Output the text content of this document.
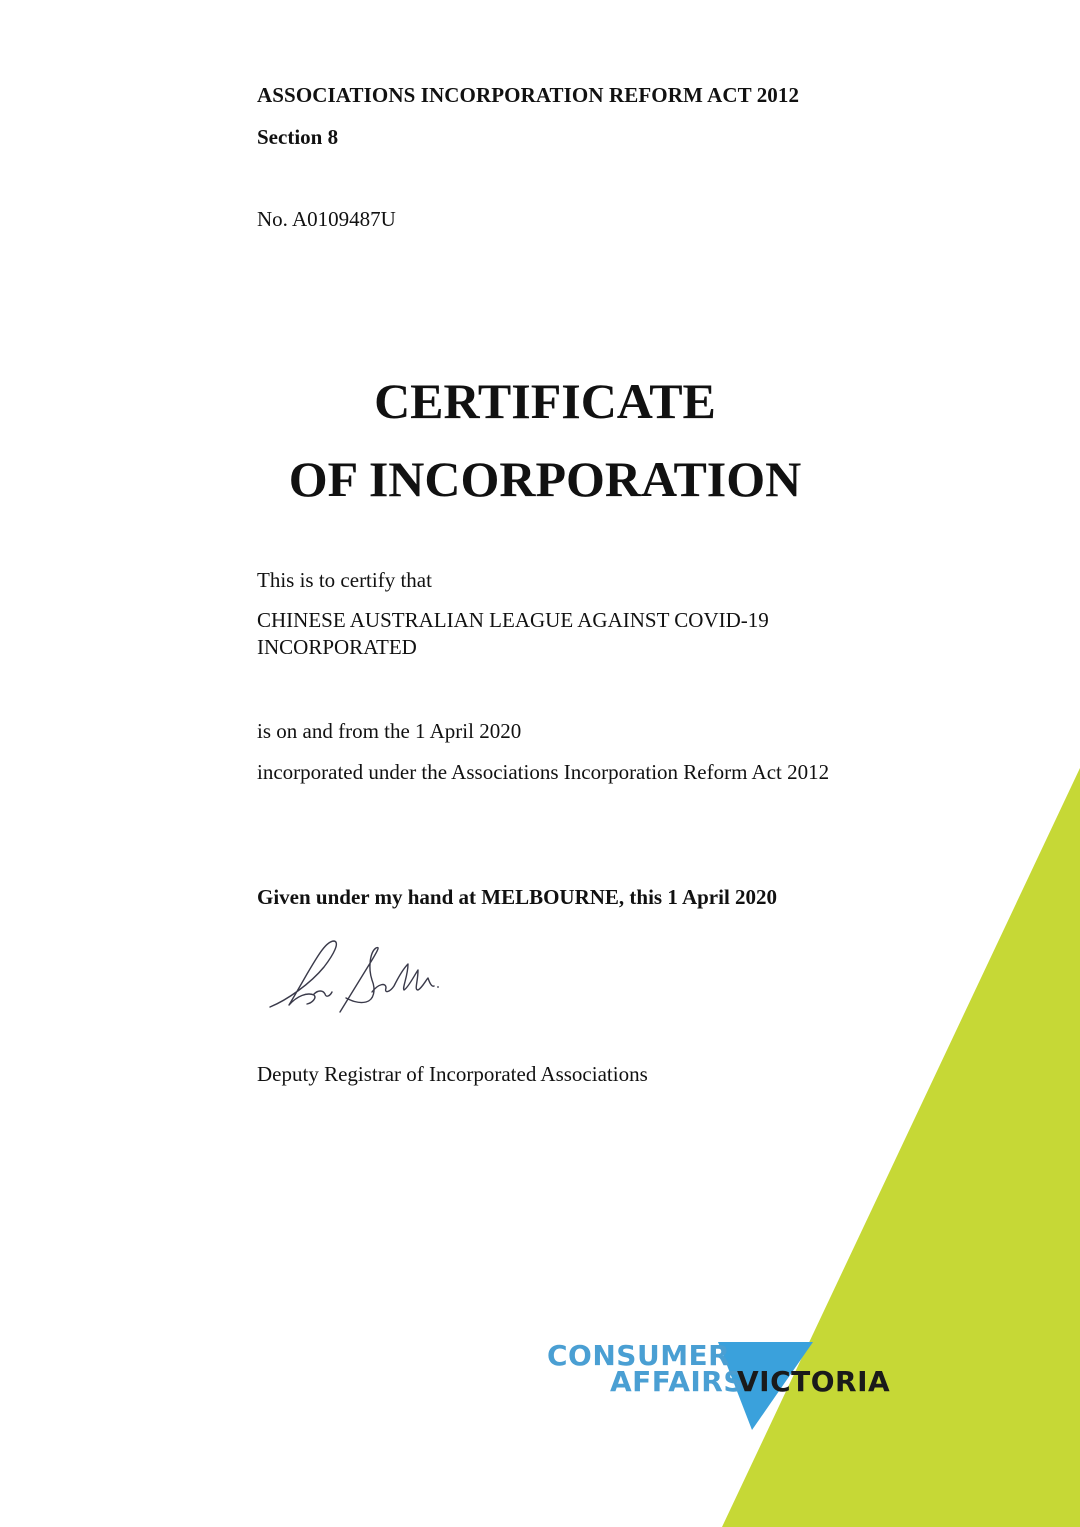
ASSOCIATIONS INCORPORATION REFORM ACT 2012
Section 8
No. A0109487U
CERTIFICATE
OF INCORPORATION
This is to certify that
CHINESE AUSTRALIAN LEAGUE AGAINST COVID-19 INCORPORATED
is on and from the 1 April 2020
incorporated under the Associations Incorporation Reform Act 2012
Given under my hand at MELBOURNE, this 1 April 2020
Deputy Registrar of Incorporated Associations
CONSUMER
AFFAIRS
VICTORIA
